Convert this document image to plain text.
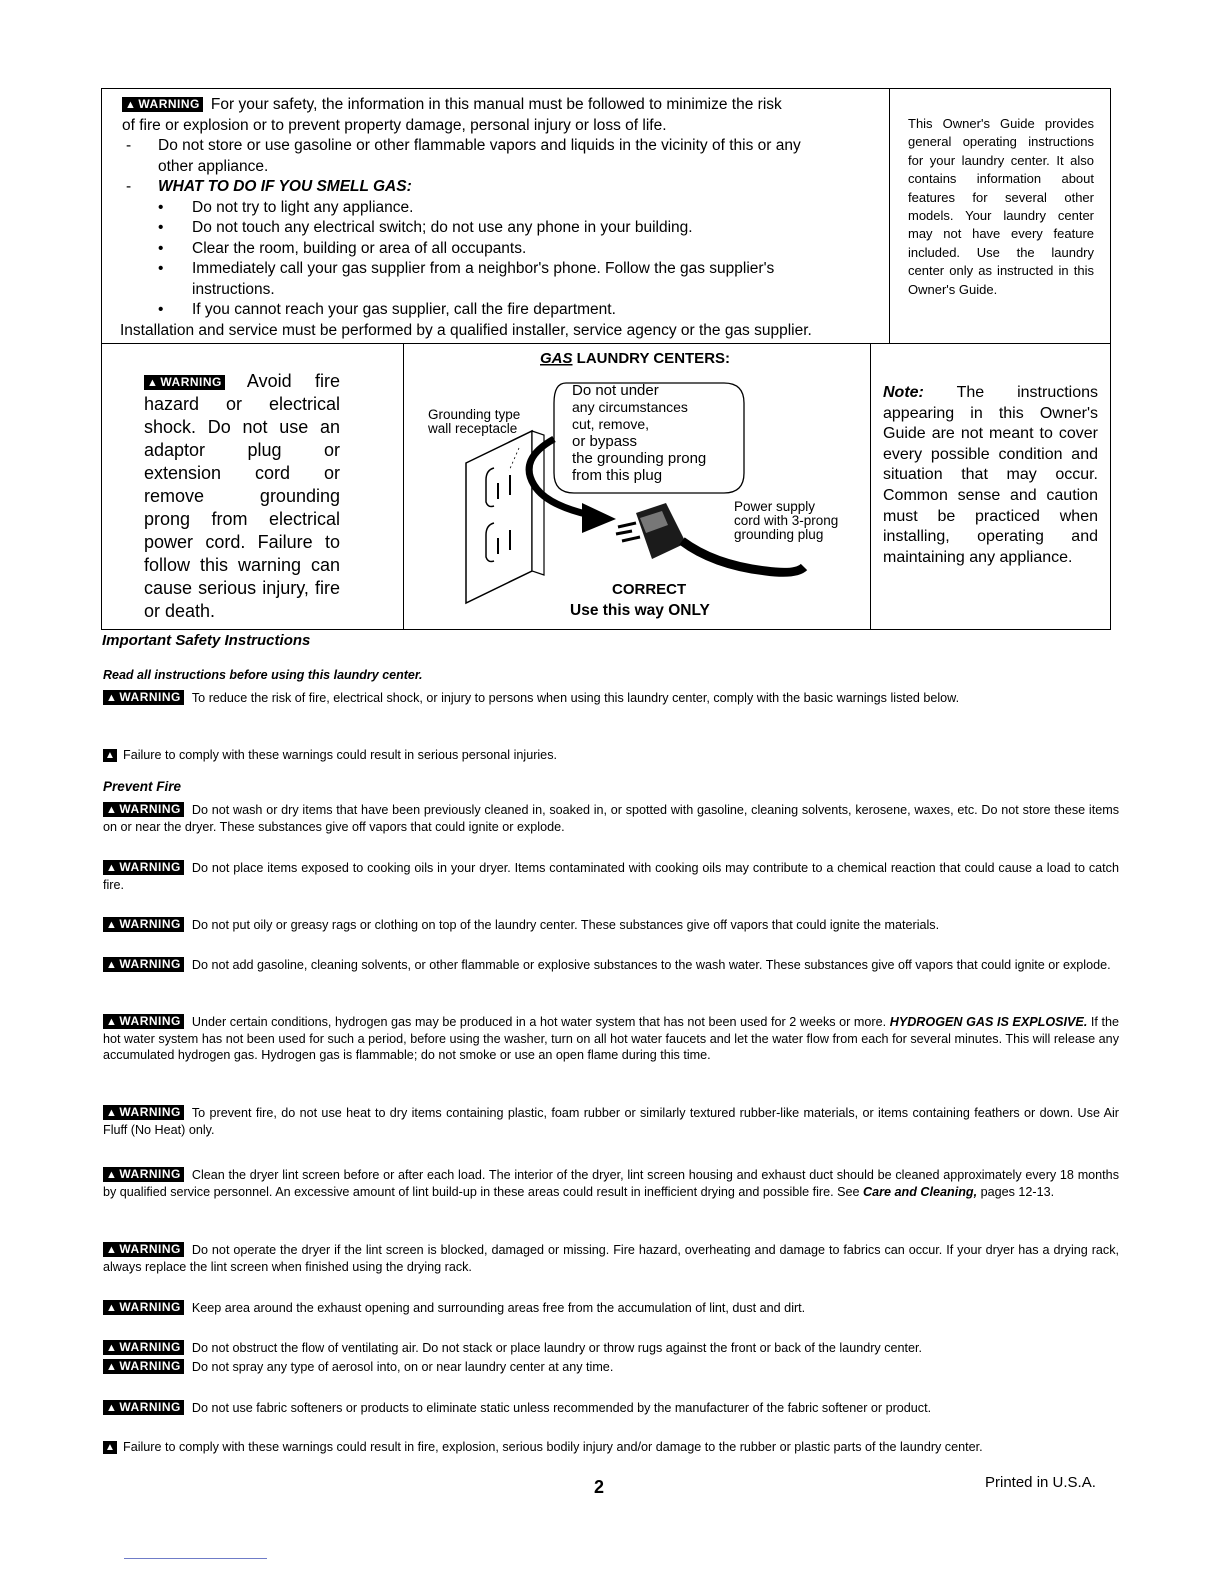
▲ WARNING For your safety, the information in this manual must be followed to minimize the risk
of fire or explosion or to prevent property damage, personal injury or loss of life.
- Do not store or use gasoline or other flammable vapors and liquids in the vicinity of this or any
other appliance.
- WHAT TO DO IF YOU SMELL GAS:
• Do not try to light any appliance.
• Do not touch any electrical switch; do not use any phone in your building.
• Clear the room, building or area of all occupants.
• Immediately call your gas supplier from a neighbor's phone. Follow the gas supplier's
instructions.
• If you cannot reach your gas supplier, call the fire department.
Installation and service must be performed by a qualified installer, service agency or the gas supplier.
This Owner's Guide provides general operating instructions for your laundry center. It also contains information about features for several other models. Your laundry center may not have every feature included. Use the laundry center only as instructed in this Owner's Guide.
▲ WARNING Avoid fire hazard or electrical shock. Do not use an adaptor plug or extension cord or remove grounding prong from electrical power cord. Failure to follow this warning can cause serious injury, fire or death.
GAS LAUNDRY CENTERS:
Grounding type wall receptacle
Do not under any circumstances cut, remove, or bypass the grounding prong from this plug
Power supply cord with 3-prong grounding plug
CORRECT
Use this way ONLY
Note: The instructions appearing in this Owner's Guide are not meant to cover every possible condition and situation that may occur. Common sense and caution must be practiced when installing, operating and maintaining any appliance.
Important Safety Instructions
Read all instructions before using this laundry center.
▲ WARNING To reduce the risk of fire, electrical shock, or injury to persons when using this laundry center, comply with the basic warnings listed below.
▲ Failure to comply with these warnings could result in serious personal injuries.
Prevent Fire
▲ WARNING Do not wash or dry items that have been previously cleaned in, soaked in, or spotted with gasoline, cleaning solvents, kerosene, waxes, etc. Do not store these items on or near the dryer. These substances give off vapors that could ignite or explode.
▲ WARNING Do not place items exposed to cooking oils in your dryer. Items contaminated with cooking oils may contribute to a chemical reaction that could cause a load to catch fire.
▲ WARNING Do not put oily or greasy rags or clothing on top of the laundry center. These substances give off vapors that could ignite the materials.
▲ WARNING Do not add gasoline, cleaning solvents, or other flammable or explosive substances to the wash water. These substances give off vapors that could ignite or explode.
▲ WARNING Under certain conditions, hydrogen gas may be produced in a hot water system that has not been used for 2 weeks or more. HYDROGEN GAS IS EXPLOSIVE. If the hot water system has not been used for such a period, before using the washer, turn on all hot water faucets and let the water flow from each for several minutes. This will release any accumulated hydrogen gas. Hydrogen gas is flammable; do not smoke or use an open flame during this time.
▲ WARNING To prevent fire, do not use heat to dry items containing plastic, foam rubber or similarly textured rubber-like materials, or items containing feathers or down. Use Air Fluff (No Heat) only.
▲ WARNING Clean the dryer lint screen before or after each load. The interior of the dryer, lint screen housing and exhaust duct should be cleaned approximately every 18 months by qualified service personnel. An excessive amount of lint build-up in these areas could result in inefficient drying and possible fire. See Care and Cleaning, pages 12-13.
▲ WARNING Do not operate the dryer if the lint screen is blocked, damaged or missing. Fire hazard, overheating and damage to fabrics can occur. If your dryer has a drying rack, always replace the lint screen when finished using the drying rack.
▲ WARNING Keep area around the exhaust opening and surrounding areas free from the accumulation of lint, dust and dirt.
▲ WARNING Do not obstruct the flow of ventilating air. Do not stack or place laundry or throw rugs against the front or back of the laundry center.
▲ WARNING Do not spray any type of aerosol into, on or near laundry center at any time.
▲ WARNING Do not use fabric softeners or products to eliminate static unless recommended by the manufacturer of the fabric softener or product.
▲ Failure to comply with these warnings could result in fire, explosion, serious bodily injury and/or damage to the rubber or plastic parts of the laundry center.
2	Printed in U.S.A.
